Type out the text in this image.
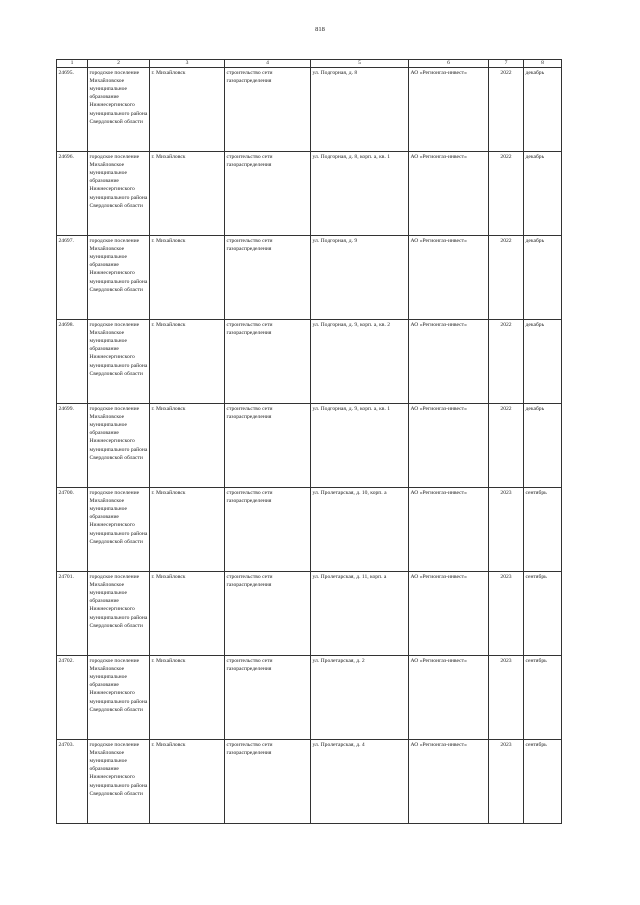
818
1	2	3	4	5	6	7	8
24695.	городское поселение Михайловское муниципальное образование Нижнесергинского муниципального района Свердловской области	г. Михайловск	строительство сети газораспределения	ул. Подгорная, д. 8	АО «Регионгаз-инвест»	2022	декабрь
24696.	городское поселение Михайловское муниципальное образование Нижнесергинского муниципального района Свердловской области	г. Михайловск	строительство сети газораспределения	ул. Подгорная, д. 8, корп. а, кв. 1	АО «Регионгаз-инвест»	2022	декабрь
24697.	городское поселение Михайловское муниципальное образование Нижнесергинского муниципального района Свердловской области	г. Михайловск	строительство сети газораспределения	ул. Подгорная, д. 9	АО «Регионгаз-инвест»	2022	декабрь
24698.	городское поселение Михайловское муниципальное образование Нижнесергинского муниципального района Свердловской области	г. Михайловск	строительство сети газораспределения	ул. Подгорная, д. 9, корп. а, кв. 2	АО «Регионгаз-инвест»	2022	декабрь
24699.	городское поселение Михайловское муниципальное образование Нижнесергинского муниципального района Свердловской области	г. Михайловск	строительство сети газораспределения	ул. Подгорная, д. 9, корп. а, кв. 1	АО «Регионгаз-инвест»	2022	декабрь
24700.	городское поселение Михайловское муниципальное образование Нижнесергинского муниципального района Свердловской области	г. Михайловск	строительство сети газораспределения	ул. Пролетарская, д. 10, корп. а	АО «Регионгаз-инвест»	2023	сентябрь
24701.	городское поселение Михайловское муниципальное образование Нижнесергинского муниципального района Свердловской области	г. Михайловск	строительство сети газораспределения	ул. Пролетарская, д. 11, корп. а	АО «Регионгаз-инвест»	2023	сентябрь
24702.	городское поселение Михайловское муниципальное образование Нижнесергинского муниципального района Свердловской области	г. Михайловск	строительство сети газораспределения	ул. Пролетарская, д. 2	АО «Регионгаз-инвест»	2023	сентябрь
24703.	городское поселение Михайловское муниципальное образование Нижнесергинского муниципального района Свердловской области	г. Михайловск	строительство сети газораспределения	ул. Пролетарская, д. 4	АО «Регионгаз-инвест»	2023	сентябрь
